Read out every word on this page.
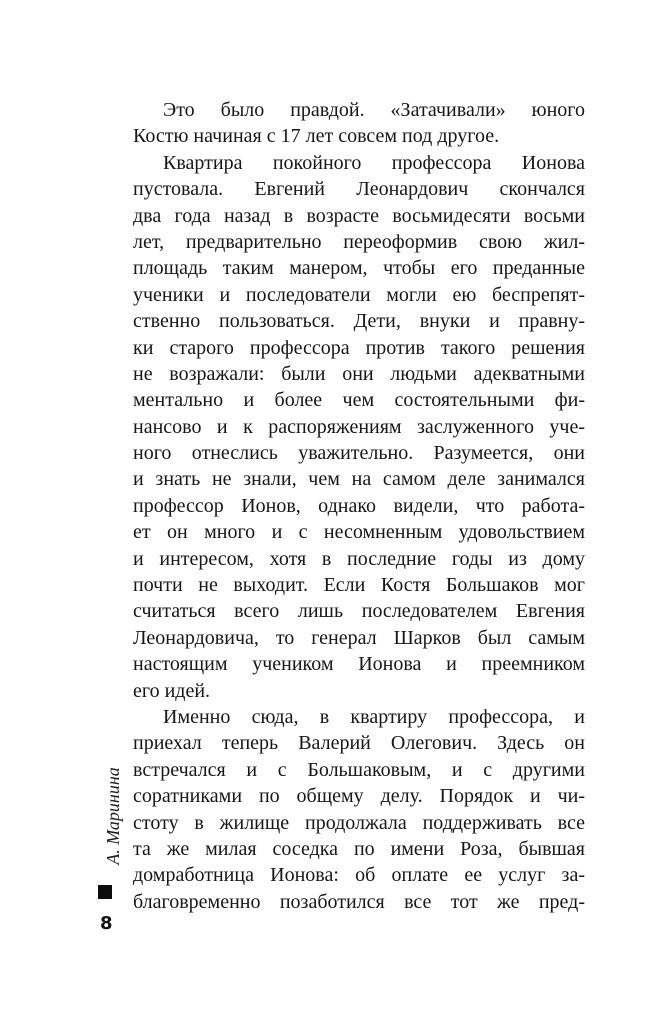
Это было правдой. «Затачивали» юного
Костю начиная с 17 лет совсем под другое.
Квартира покойного профессора Ионова
пустовала. Евгений Леонардович скончался
два года назад в возрасте восьмидесяти восьми
лет, предварительно переоформив свою жил-
площадь таким манером, чтобы его преданные
ученики и последователи могли ею беспрепят-
ственно пользоваться. Дети, внуки и правну-
ки старого профессора против такого решения
не возражали: были они людьми адекватными
ментально и более чем состоятельными фи-
нансово и к распоряжениям заслуженного уче-
ного отнеслись уважительно. Разумеется, они
и знать не знали, чем на самом деле занимался
профессор Ионов, однако видели, что работа-
ет он много и с несомненным удовольствием
и интересом, хотя в последние годы из дому
почти не выходит. Если Костя Большаков мог
считаться всего лишь последователем Евгения
Леонардовича, то генерал Шарков был самым
настоящим учеником Ионова и преемником
его идей.
Именно сюда, в квартиру профессора, и
приехал теперь Валерий Олегович. Здесь он
встречался и с Большаковым, и с другими
соратниками по общему делу. Порядок и чи-
стоту в жилище продолжала поддерживать все
та же милая соседка по имени Роза, бывшая
домработница Ионова: об оплате ее услуг за-
благовременно позаботился все тот же пред-
А. Маринина
8
